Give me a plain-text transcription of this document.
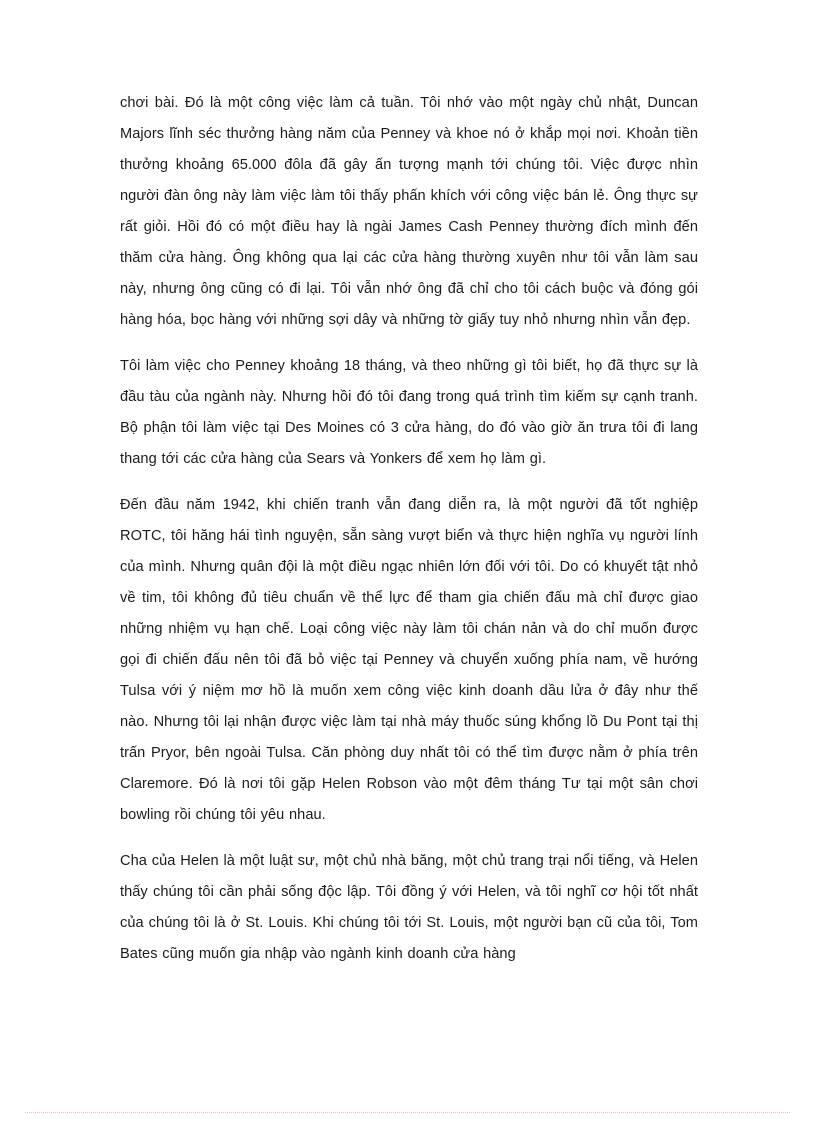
chơi bài. Đó là một công việc làm cả tuần. Tôi nhớ vào một ngày chủ nhật, Duncan Majors lĩnh séc thưởng hàng năm của Penney và khoe nó ở khắp mọi nơi. Khoản tiền thưởng khoảng 65.000 đôla đã gây ấn tượng mạnh tới chúng tôi. Việc được nhìn người đàn ông này làm việc làm tôi thấy phấn khích với công việc bán lẻ. Ông thực sự rất giỏi. Hồi đó có một điều hay là ngài James Cash Penney thường đích mình đến thăm cửa hàng. Ông không qua lại các cửa hàng thường xuyên như tôi vẫn làm sau này, nhưng ông cũng có đi lại. Tôi vẫn nhớ ông đã chỉ cho tôi cách buộc và đóng gói hàng hóa, bọc hàng với những sợi dây và những tờ giấy tuy nhỏ nhưng nhìn vẫn đẹp.

Tôi làm việc cho Penney khoảng 18 tháng, và theo những gì tôi biết, họ đã thực sự là đầu tàu của ngành này. Nhưng hồi đó tôi đang trong quá trình tìm kiếm sự cạnh tranh. Bộ phận tôi làm việc tại Des Moines có 3 cửa hàng, do đó vào giờ ăn trưa tôi đi lang thang tới các cửa hàng của Sears và Yonkers để xem họ làm gì.

Đến đầu năm 1942, khi chiến tranh vẫn đang diễn ra, là một người đã tốt nghiệp ROTC, tôi hăng hái tình nguyện, sẵn sàng vượt biển và thực hiện nghĩa vụ người lính của mình. Nhưng quân đội là một điều ngạc nhiên lớn đối với tôi. Do có khuyết tật nhỏ về tim, tôi không đủ tiêu chuẩn về thể lực để tham gia chiến đấu mà chỉ được giao những nhiệm vụ hạn chế. Loại công việc này làm tôi chán nản và do chỉ muốn được gọi đi chiến đấu nên tôi đã bỏ việc tại Penney và chuyển xuống phía nam, về hướng Tulsa với ý niệm mơ hồ là muốn xem công việc kinh doanh dầu lửa ở đây như thế nào. Nhưng tôi lại nhận được việc làm tại nhà máy thuốc súng khổng lồ Du Pont tại thị trấn Pryor, bên ngoài Tulsa. Căn phòng duy nhất tôi có thể tìm được nằm ở phía trên Claremore. Đó là nơi tôi gặp Helen Robson vào một đêm tháng Tư tại một sân chơi bowling rồi chúng tôi yêu nhau.

Cha của Helen là một luật sư, một chủ nhà băng, một chủ trang trại nổi tiếng, và Helen thấy chúng tôi cần phải sống độc lập. Tôi đồng ý với Helen, và tôi nghĩ cơ hội tốt nhất của chúng tôi là ở St. Louis. Khi chúng tôi tới St. Louis, một người bạn cũ của tôi, Tom Bates cũng muốn gia nhập vào ngành kinh doanh cửa hàng
